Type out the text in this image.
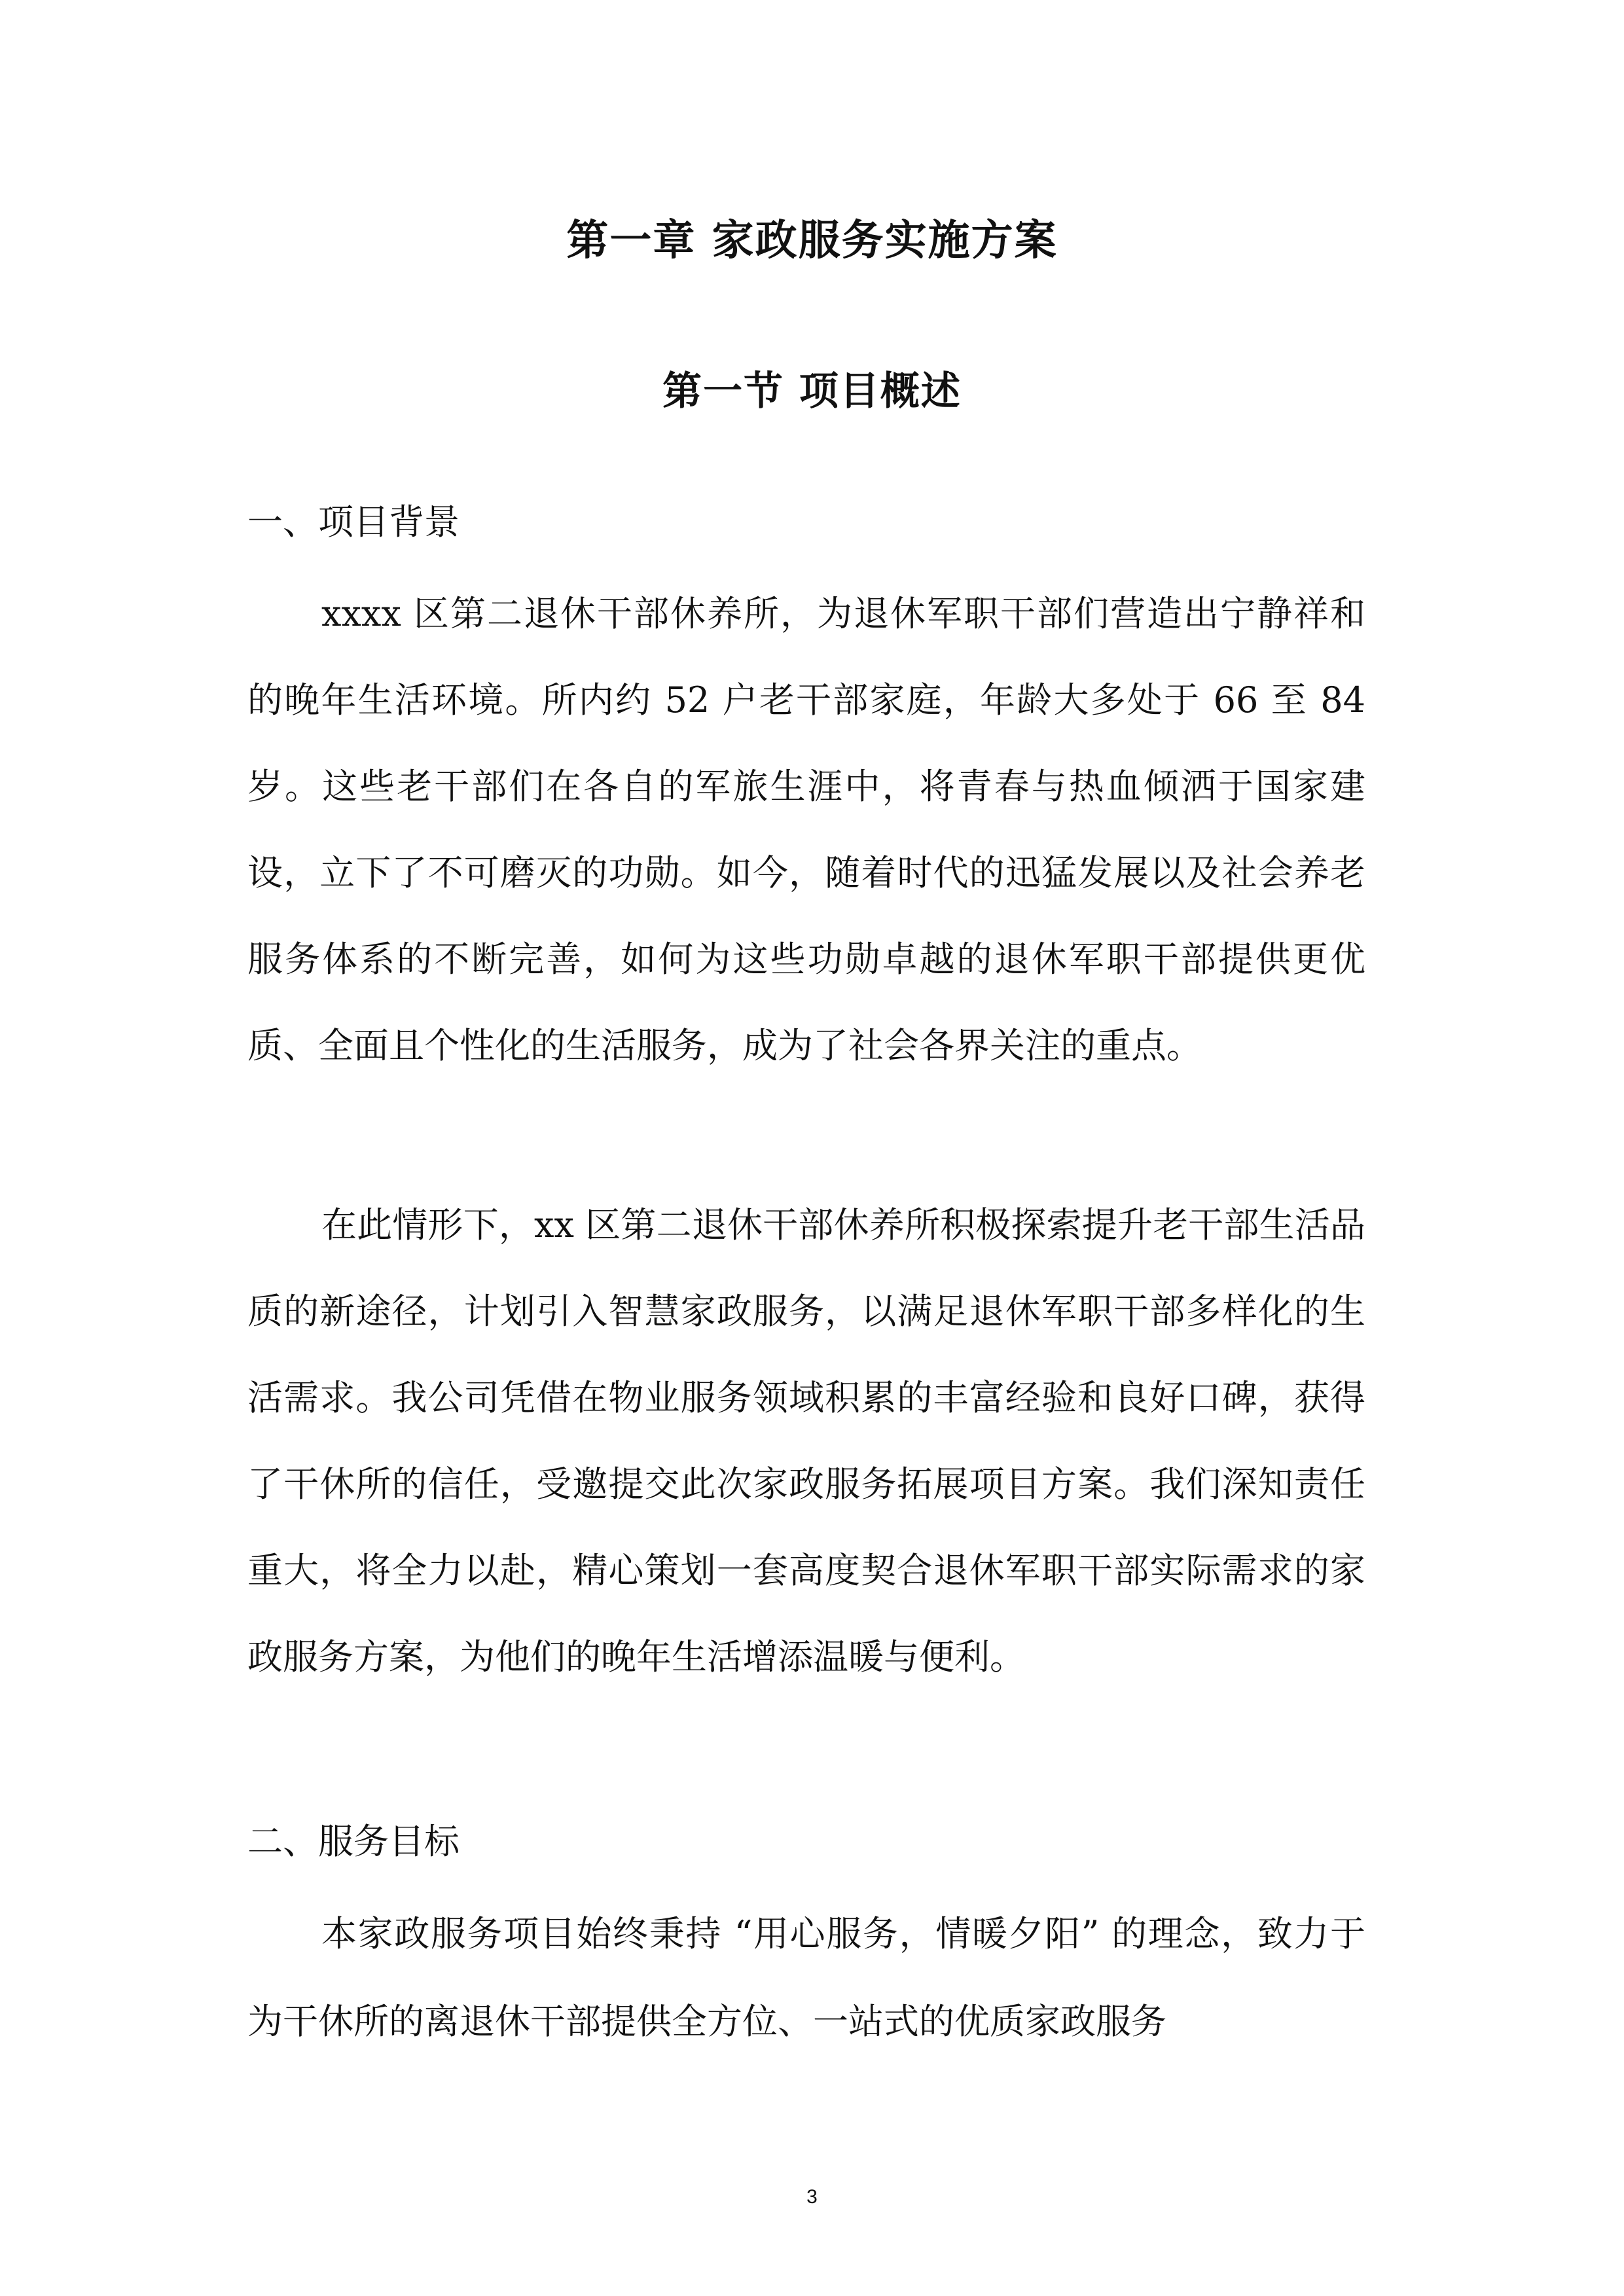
第一章 家政服务实施方案
第一节 项目概述
一、项目背景
xxxx 区第二退休干部休养所，为退休军职干部们营造出宁静祥和的晚年生活环境。所内约 52 户老干部家庭，年龄大多处于 66 至 84 岁。这些老干部们在各自的军旅生涯中，将青春与热血倾洒于国家建设，立下了不可磨灭的功勋。如今，随着时代的迅猛发展以及社会养老服务体系的不断完善，如何为这些功勋卓越的退休军职干部提供更优质、全面且个性化的生活服务，成为了社会各界关注的重点。
在此情形下，xx 区第二退休干部休养所积极探索提升老干部生活品质的新途径，计划引入智慧家政服务，以满足退休军职干部多样化的生活需求。我公司凭借在物业服务领域积累的丰富经验和良好口碑，获得了干休所的信任，受邀提交此次家政服务拓展项目方案。我们深知责任重大，将全力以赴，精心策划一套高度契合退休军职干部实际需求的家政服务方案，为他们的晚年生活增添温暖与便利。
二、服务目标
本家政服务项目始终秉持 “用心服务，情暖夕阳” 的理念，致力于为干休所的离退休干部提供全方位、一站式的优质家政服务
3
